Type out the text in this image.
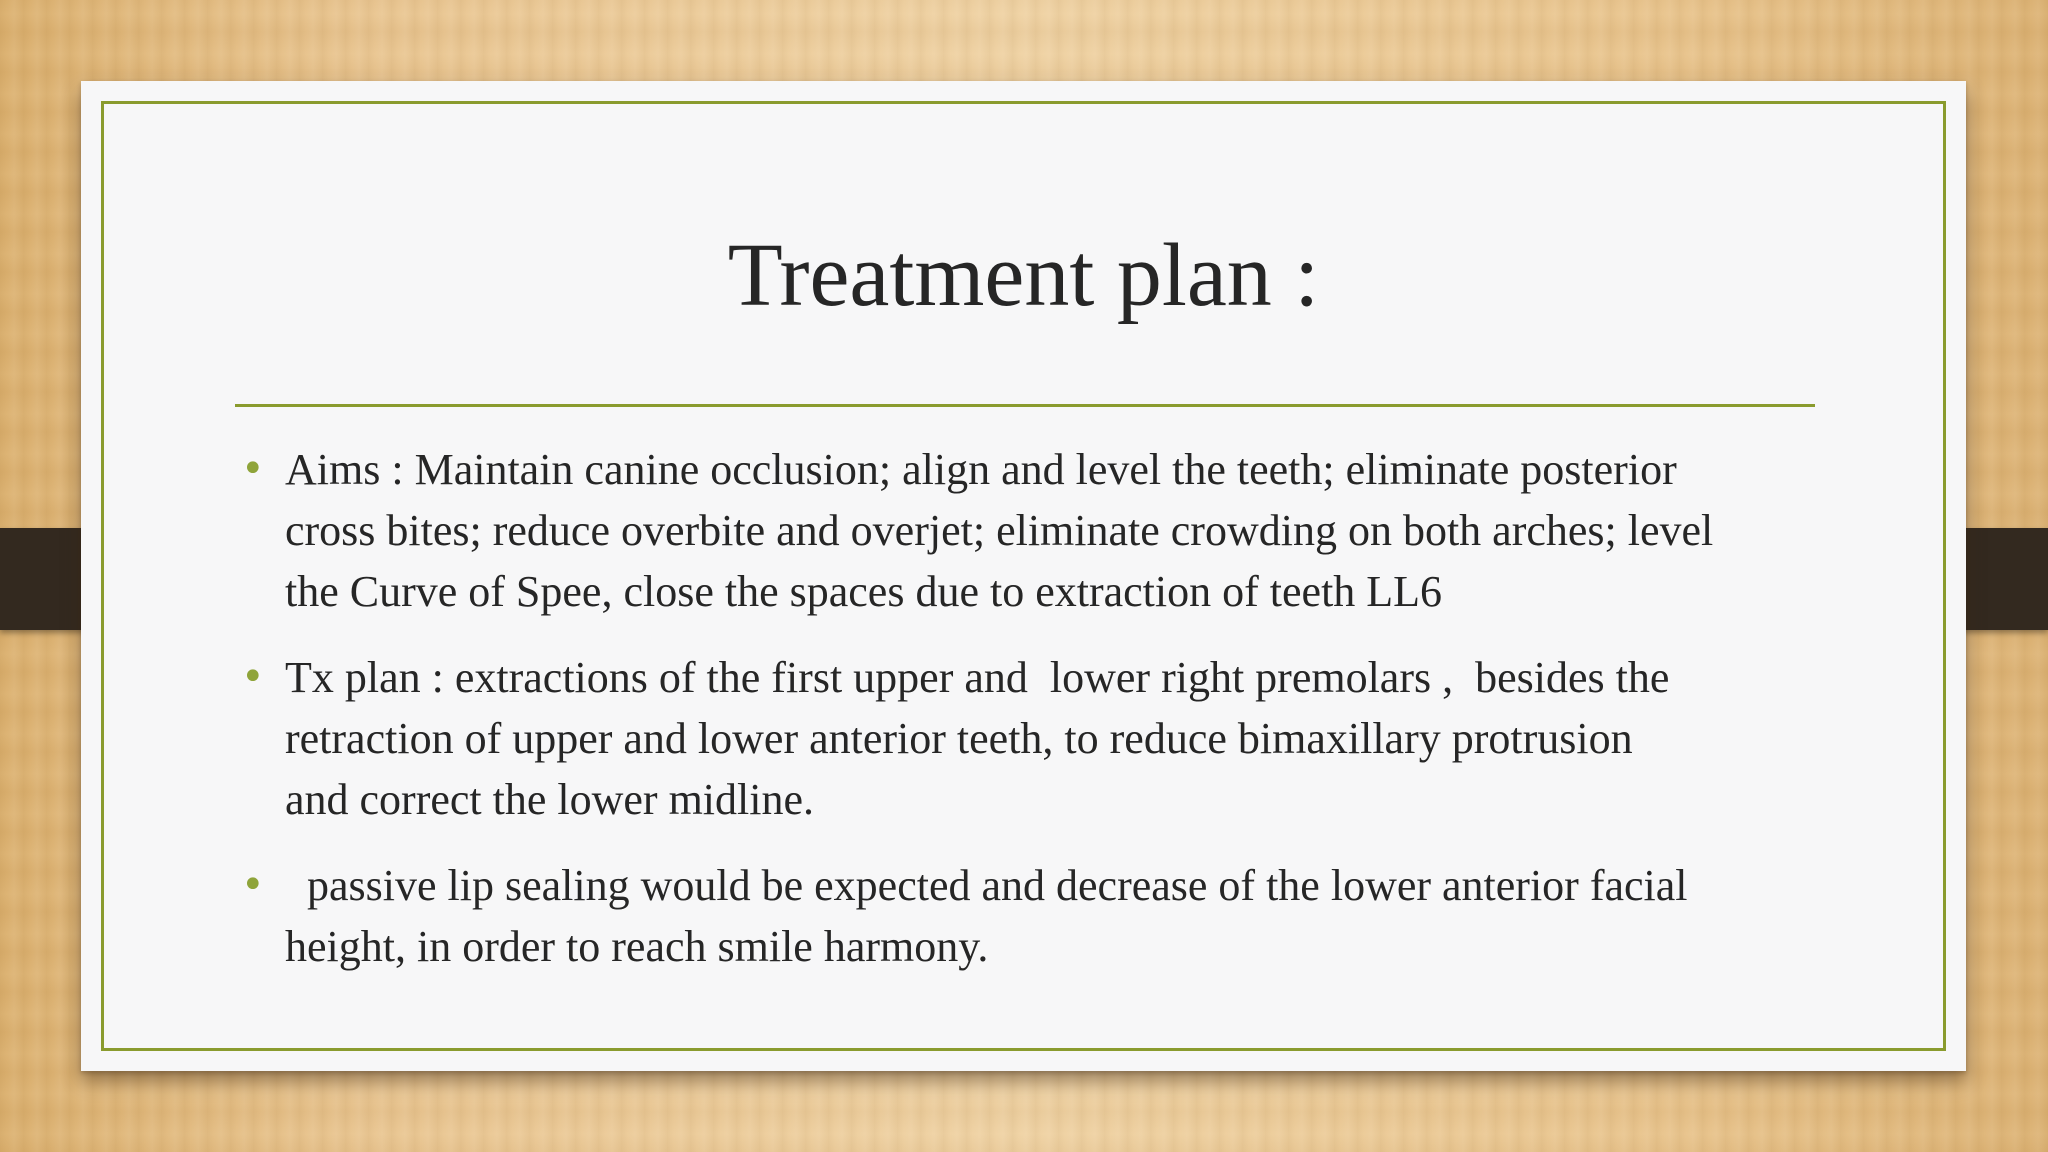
Treatment plan :
• Aims : Maintain canine occlusion; align and level the teeth; eliminate posterior
cross bites; reduce overbite and overjet; eliminate crowding on both arches; level
the Curve of Spee, close the spaces due to extraction of teeth LL6
• Tx plan : extractions of the first upper and  lower right premolars ,  besides the
retraction of upper and lower anterior teeth, to reduce bimaxillary protrusion
and correct the lower midline.
• passive lip sealing would be expected and decrease of the lower anterior facial
height, in order to reach smile harmony.
